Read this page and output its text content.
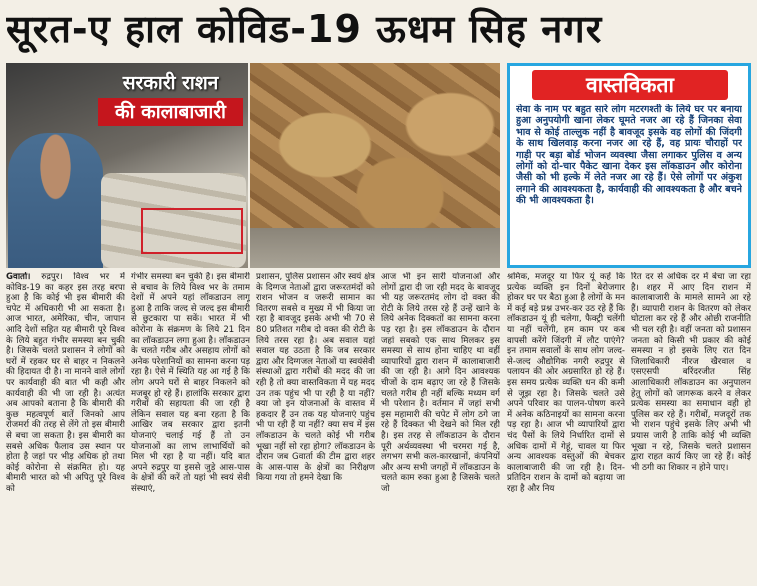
सूरत-ए हाल कोविड-19 ऊधम सिह नगर
सरकारी राशन
की कालाबाजारी
वास्तविकता
सेवा के नाम पर बहुत सारे लोग मटरगश्ती के लिये घर पर बनाया हुआ अनुपयोगी खाना लेकर घूमते नजर आ रहे हैं जिनका सेवा भाव से कोई ताल्लुक नहीं है बावजूद इसके वह लोगों की जिंदगी के साथ खिलवाड़ करना नजर आ रहे हैं, वह प्रायः चौराहों पर गाड़ी पर बड़ा बोर्ड भोजन व्यवस्था जैसा लगाकर पुलिस व अन्य लोगों को दो-चार पैकेट खाना देकर इस लॉकडाउन और कोरोना जैसी को भी हल्के में लेते नजर आ रहे हैं। ऐसे लोगों पर अंकुश लगाने की आवश्यकता है, कार्यवाही की आवश्यकता है और बचने की भी आवश्यकता है।
Gवार्ता। रुद्रपुर। विश्व भर में कोविड-19 का कहर इस तरह बरपा हुआ है कि कोई भी इस बीमारी की चपेट में अधिकारी भी आ सकता है। आज भारत, अमेरिका, चीन, जापान आदि देशों सहित यह बीमारी पूरे विश्व के लिये बहुत गंभीर समस्या बन चुकी है। जिसके चलते प्रशासन ने लोगों को घरों में रहकर घर से बाहर न निकलने की हिदायत दी है। ना मानने वाले लोगों पर कार्यवाही की बात भी कही और कार्यवाही की भी जा रही है। अत्यंत अब आपको बताना है कि बीमारी की कुछ महत्वपूर्ण बातें जिनको आप रोजमर्रा की तरह से लेंगे तो इस बीमारी से बचा जा सकता है। इस बीमारी का सबसे अधिक फैलाव उस स्थान पर होता है जहां पर भीड़ अधिक हो तथा कोई कोरोना से संक्रमित हो। यह बीमारी भारत को भी अपितु पूरे विश्व को
गंभीर समस्या बन चुकी है। इस बीमारी से बचाव के लिये विश्व भर के तमाम देशों में अपने यहां लॉकडाउन लागू हुआ है ताकि जल्द से जल्द इस बीमारी से छुटकारा पा सकें। भारत में भी कोरोना के संक्रमण के लिये 21 दिन का लॉकडाउन लगा हुआ है। लॉकडाउन के चलते गरीब और असहाय लोगों को अनेक परेशानियों का सामना करना पड़ रहा है। ऐसे में स्थिति यह आ गई है कि लोग अपने घरों से बाहर निकलने को मजबूर हो रहे हैं। हालांकि सरकार द्वारा गरीबों की सहायता की जा रही है लेकिन सवाल यह बना रहता है कि आखिर जब सरकार द्वारा इतनी योजनाएं चलाई गई हैं तो उन योजनाओं का लाभ लाभार्थियों को मिल भी रहा है या नहीं। यदि बात अपने रुद्रपुर या इससे जुड़े आस-पास के क्षेत्रों की करें तो यहां भी स्वयं सेवी संस्थाएं,
प्रशासन, पुलिस प्रशासन और स्वयं क्षेत्र के दिग्गज नेताओं द्वारा जरूरतमंदों को राशन भोजन व जरूरी सामान का वितरण सबसे व मुख्य में भी किया जा रहा है बावजूद इसके अभी भी 70 से 80 प्रतिशत गरीब दो वक्त की रोटी के लिये तरस रहा है। अब सवाल यहां सवाल यह उठता है कि जब सरकार द्वारा और दिग्गजल नेताओं या स्वयंसेवी संस्थाओं द्वारा गरीबों की मदद की जा रही है तो क्या वास्तविकता में यह मदद उन तक पहुंच भी पा रही है या नहीं? क्या जो इन योजनाओं के वास्तव में हकदार हैं उन तक यह योजनाएं पहुंच भी पा रही हैं या नहीं? क्या सच में इस लॉकडाउन के चलते कोई भी गरीब भूखा नहीं सो रहा होगा? लॉकडाउन के दौरान जब Gवार्ता की टीम द्वारा शहर के आस-पास के क्षेत्रों का निरीक्षण किया गया तो हमने देखा कि
आज भी इन सारी योजनाओं और लोगों द्वारा दी जा रही मदद के बावजूद भी यह जरूरतमंद लोग दो वक्त की रोटी के लिये तरस रहे हैं उन्हें खाने के लिये अनेक दिक्कतों का सामना करना पड़ रहा है। इस लॉकडाउन के दौरान जहां सबको एक साथ मिलकर इस समस्या से साथ होना चाहिए था वहीं व्यापारियों द्वारा राशन में कालाबाजारी की जा रही है। आगे दिन आवश्यक चीजों के दाम बढ़ाए जा रहे हैं जिसके चलते गरीब ही नहीं बल्कि मध्यम वर्ग भी परेशान है। वर्तमान में जहां सभी इस महामारी की चपेट में लोग ठगे जा रहे हैं दिक्कत भी देखने को मिल रही है। इस तरह से लॉकडाउन के दौरान पूरी अर्थव्यवस्था भी चरमरा गई है, लगभग सभी कल-कारखानों, कंपनियों और अन्य सभी जगहों में लॉकडाउन के चलते काम रुका हुआ है जिसके चलते जो
श्रमिक, मजदूर या फिर यूं कहें कि प्रत्येक व्यक्ति इन दिनों बेरोजगार होकर घर पर बैठा हुआ है लोगों के मन में कई बड़े प्रश्न उभर-कर उठ रहे हैं कि लॉकडाउन यूं ही चलेगा, फैक्ट्री चलेंगी या नहीं चलेंगी, हम काम पर कब वापसी करेंगे जिंदगी में लौट पाएंगे? इन तमाम सवालों के साथ लोग जल्द-से-जल्द औद्योगिक नगरी रुद्रपुर से पलायन की ओर अग्रसारित हो रहे हैं। इस समय प्रत्येक व्यक्ति धन की कमी से जूझ रहा है। जिसके चलते उसे अपने परिवार का पालन-पोषण करने में अनेक कठिनाइयों का सामना करना पड़ रहा है। आज भी व्यापारियों द्वारा चंद पैसों के लिये निर्धारित दामों से अधिक दामों में गेहूं, चावल या फिर अन्य आवश्यक वस्तुओं की बेचकर कालाबाजारी की जा रही है। दिन-प्रतिदिन राशन के दामों को बढ़ाया जा रहा है और निय
रित दर से अधिक दर में बेचा जा रहा है। शहर में आए दिन राशन में कालाबाजारी के मामले सामने आ रहे हैं। व्यापारी राशन के वितरण को लेकर घोटाला कर रहे हैं और ओछी राजनीति भी चल रही है। वहीं जनता को प्रशासन जनता को किसी भी प्रकार की कोई समस्या न हो इसके लिए रात दिन जिलाधिकारी नीरज खैरवाल व एसएसपी बरिंदरजीत सिंह आलाधिकारी लॉकडाउन का अनुपालन हेतु लोगों को जागरूक करने व लेकर प्रत्येक समस्या का समाधान वही हो पुलिस कर रहे हैं। गरीबों, मजदूरों तक भी राशन पहुंचे इसके लिए अभी भी प्रयास जारी है ताकि कोई भी व्यक्ति भूखा न रहे, जिसके चलते प्रशासन द्वारा राहत कार्य किए जा रहे हैं। कोई भी ठगी का शिकार न होने पाए।
